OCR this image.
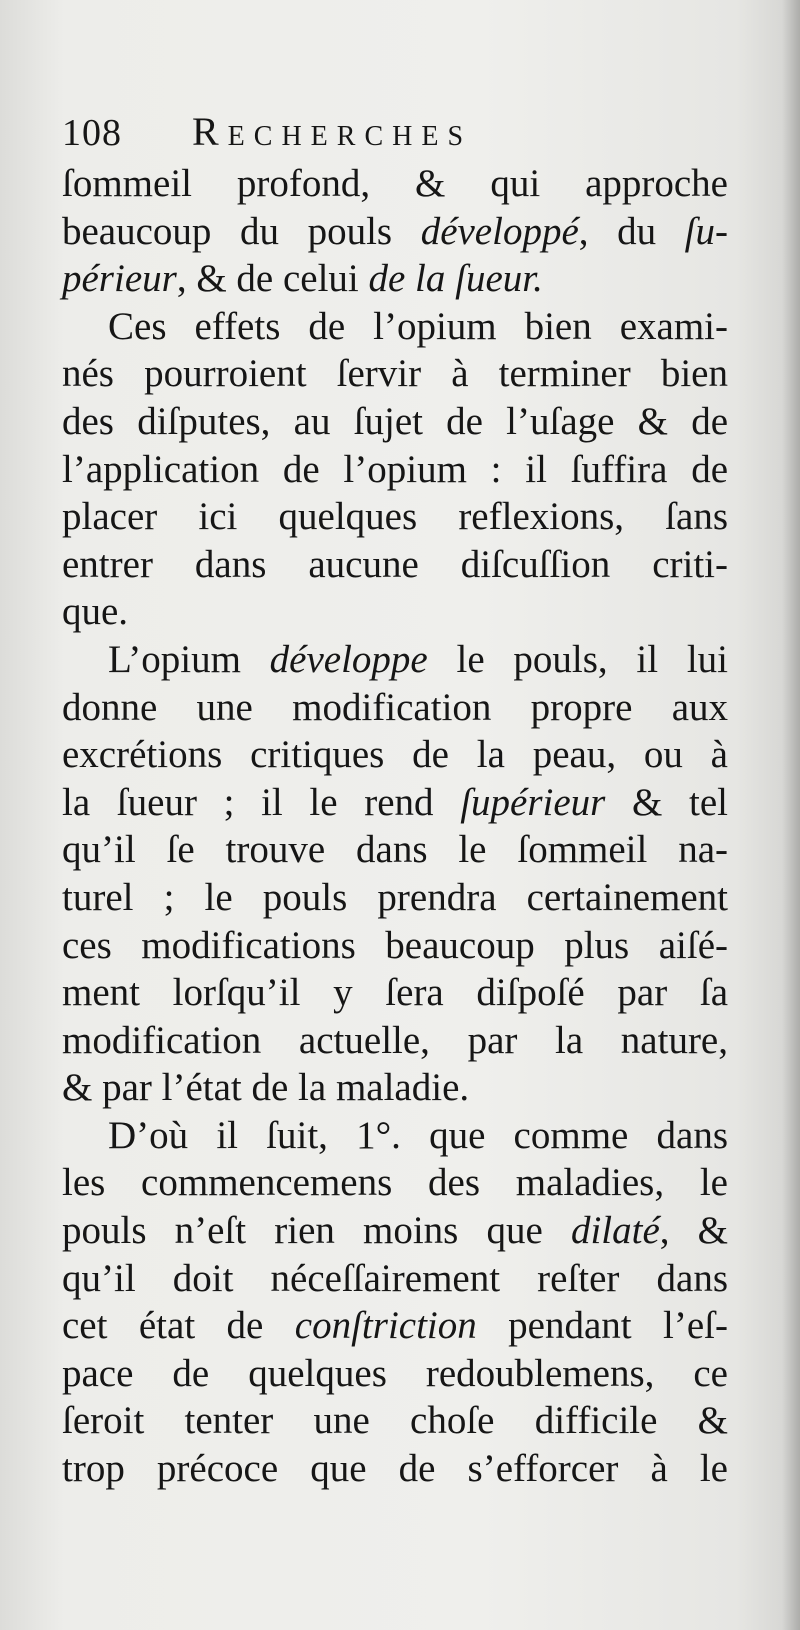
108	Recherches
ſommeil profond, & qui approche
beaucoup du pouls développé, du ſu-
périeur, & de celui de la ſueur.
Ces effets de l’opium bien exami-
nés pourroient ſervir à terminer bien
des diſputes, au ſujet de l’uſage & de
l’application de l’opium : il ſuffira de
placer ici quelques reflexions, ſans
entrer dans aucune diſcuſſion criti-
que.
L’opium développe le pouls, il lui
donne une modification propre aux
excrétions critiques de la peau, ou à
la ſueur ; il le rend ſupérieur & tel
qu’il ſe trouve dans le ſommeil na-
turel ; le pouls prendra certainement
ces modifications beaucoup plus aiſé-
ment lorſqu’il y ſera diſpoſé par ſa
modification actuelle, par la nature,
& par l’état de la maladie.
D’où il ſuit, 1°. que comme dans
les commencemens des maladies, le
pouls n’eſt rien moins que dilaté, &
qu’il doit néceſſairement reſter dans
cet état de conſtriction pendant l’eſ-
pace de quelques redoublemens, ce
ſeroit tenter une choſe difficile &
trop précoce que de s’efforcer à le
